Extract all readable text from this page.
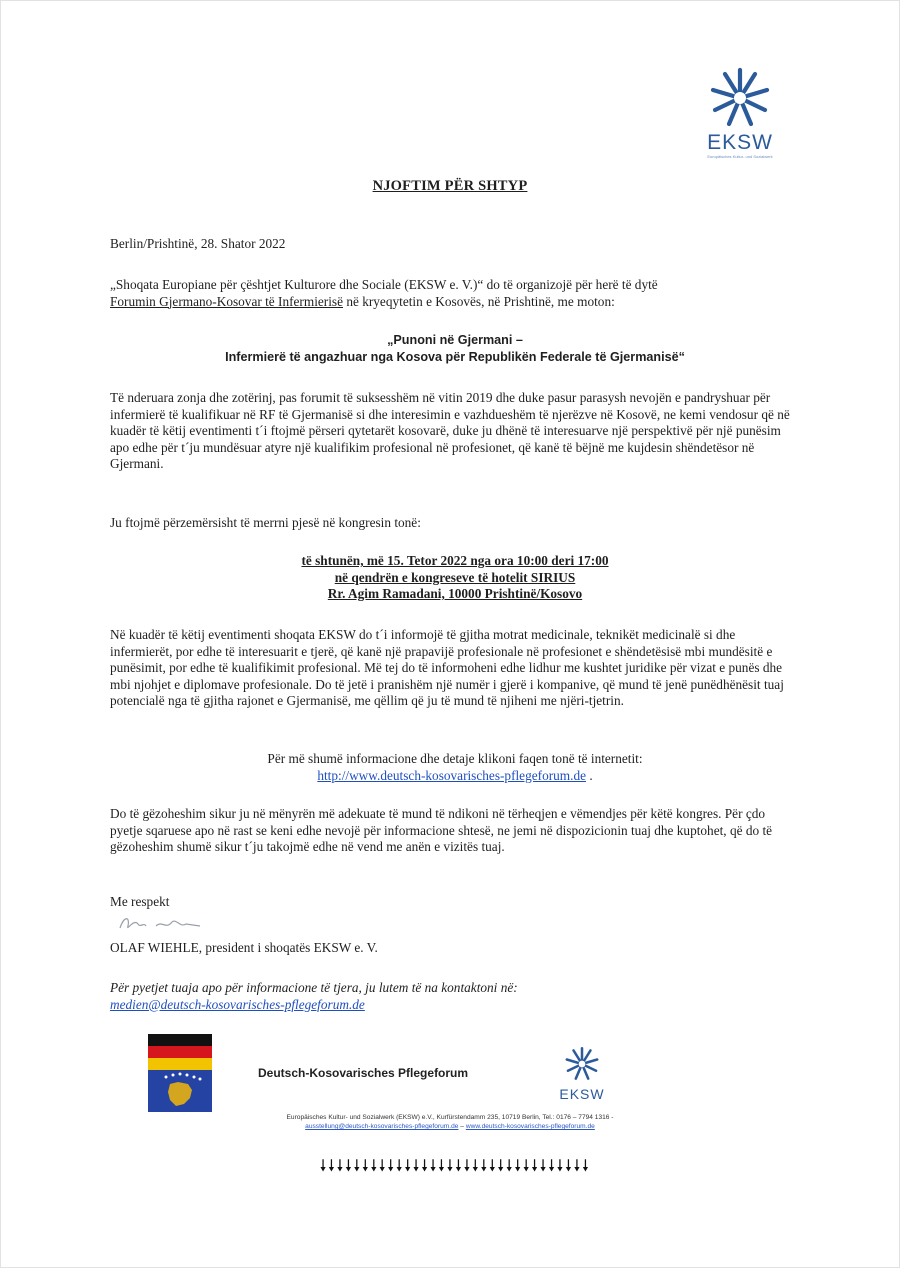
EKSW
Europäisches Kultur- und Sozialwerk
NJOFTIM PËR SHTYP

Berlin/Prishtinë, 28. Shator 2022

„Shoqata Europiane për çështjet Kulturore dhe Sociale (EKSW e. V.)“ do të organizojë për herë të dytë
Forumin Gjermano-Kosovar të Infermierisë në kryeqytetin e Kosovës, në Prishtinë, me moton:

„Punoni në Gjermani –
Infermierë të angazhuar nga Kosova për Republikën Federale të Gjermanisë“

Të nderuara zonja dhe zotërinj, pas forumit të suksesshëm në vitin 2019 dhe duke pasur parasysh nevojën e pandryshuar për infermierë të kualifikuar në RF të Gjermanisë si dhe interesimin e vazhdueshëm të njerëzve në Kosovë, ne kemi vendosur që në kuadër të këtij eventimenti t´i ftojmë përseri qytetarët kosovarë, duke ju dhënë të interesuarve një perspektivë për një punësim apo edhe për t´ju mundësuar atyre një kualifikim profesional në profesionet, që kanë të bëjnë me kujdesin shëndetësor në Gjermani.

Ju ftojmë përzemërsisht të merrni pjesë në kongresin tonë:

të shtunën, më 15. Tetor 2022 nga ora 10:00 deri 17:00
në qendrën e kongreseve të hotelit SIRIUS
Rr. Agim Ramadani, 10000 Prishtinë/Kosovo

Në kuadër të këtij eventimenti shoqata EKSW do t´i informojë të gjitha motrat medicinale, teknikët medicinalë si dhe infermierët, por edhe të interesuarit e tjerë, që kanë një prapavijë profesionale në profesionet e shëndetësisë mbi mundësitë e punësimit, por edhe të kualifikimit profesional. Më tej do të informoheni edhe lidhur me kushtet juridike për vizat e punës dhe mbi njohjet e diplomave profesionale. Do të jetë i pranishëm një numër i gjerë i kompanive, që mund të jenë punëdhënësit tuaj potencialë nga të gjitha rajonet e Gjermanisë, me qëllim që ju të mund të njiheni me njëri-tjetrin.

Për më shumë informacione dhe detaje klikoni faqen tonë të internetit:
http://www.deutsch-kosovarisches-pflegeforum.de .

Do të gëzoheshim sikur ju në mënyrën më adekuate të mund të ndikoni në tërheqjen e vëmendjes për këtë kongres. Për çdo pyetje sqaruese apo në rast se keni edhe nevojë për informacione shtesë, ne jemi në dispozicionin tuaj dhe kuptohet, që do të gëzoheshim shumë sikur t´ju takojmë edhe në vend me anën e vizitës tuaj.

Me respekt

OLAF WIEHLE, president i shoqatës EKSW e. V.

Për pyetjet tuaja apo për informacione të tjera, ju lutem të na kontaktoni në:
medien@deutsch-kosovarisches-pflegeforum.de

Deutsch-Kosovarisches Pflegeforum
EKSW
Europäisches Kultur- und Sozialwerk (EKSW) e.V., Kurfürstendamm 235, 10719 Berlin, Tel.: 0176 – 7794 1316 -
ausstellung@deutsch-kosovarisches-pflegeforum.de – www.deutsch-kosovarisches-pflegeforum.de
🠗🠗🠗🠗🠗🠗🠗🠗🠗🠗🠗🠗🠗🠗🠗🠗🠗🠗🠗🠗🠗🠗🠗🠗🠗🠗🠗🠗🠗🠗🠗🠗
